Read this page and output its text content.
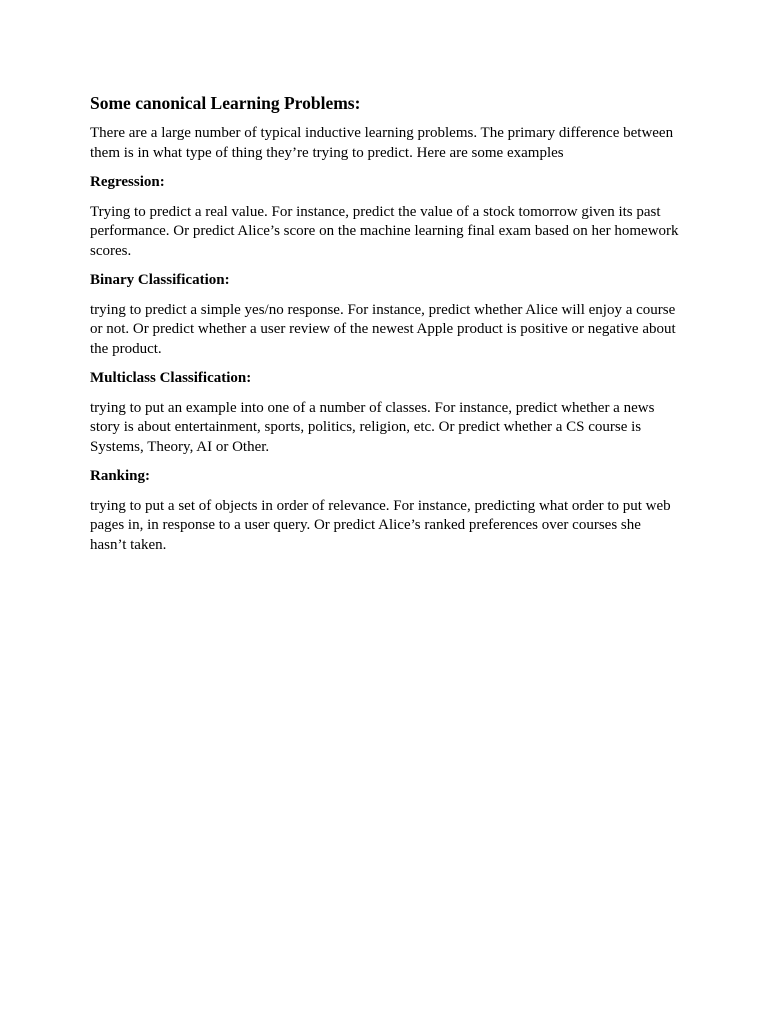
Some canonical Learning Problems:

There are a large number of typical inductive learning problems. The primary difference between them is in what type of thing they’re trying to predict. Here are some examples

Regression:

Trying to predict a real value. For instance, predict the value of a stock tomorrow given its past performance. Or predict Alice’s score on the machine learning final exam based on her homework scores.

Binary Classification:

trying to predict a simple yes/no response. For instance, predict whether Alice will enjoy a course or not. Or predict whether a user review of the newest Apple product is positive or negative about the product.

Multiclass Classification:

trying to put an example into one of a number of classes. For instance, predict whether a news story is about entertainment, sports, politics, religion, etc. Or predict whether a CS course is Systems, Theory, AI or Other.

Ranking:

trying to put a set of objects in order of relevance. For instance, predicting what order to put web pages in, in response to a user query. Or predict Alice’s ranked preferences over courses she hasn’t taken.
